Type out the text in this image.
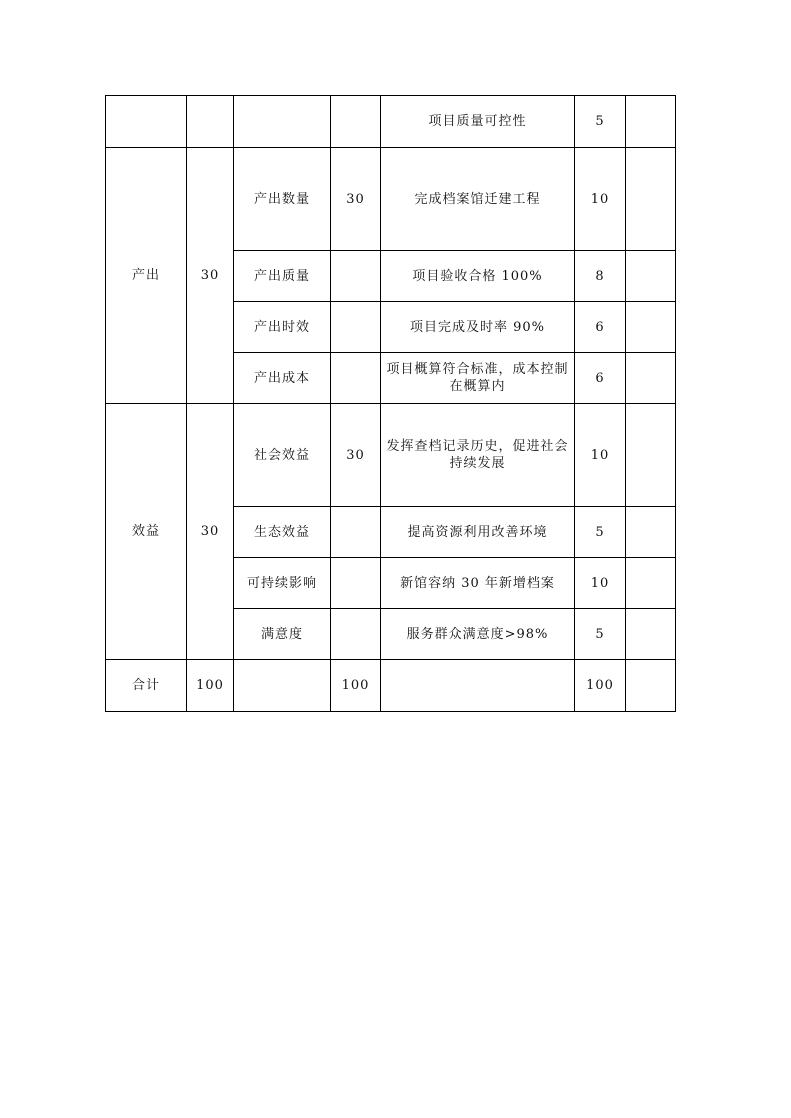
				项目质量可控性	5	
产出	30	产出数量	30	完成档案馆迁建工程	10	
		产出质量		项目验收合格 100%	8	
		产出时效		项目完成及时率 90%	6	
		产出成本		项目概算符合标准，成本控制在概算内	6	
效益	30	社会效益	30	发挥查档记录历史，促进社会持续发展	10	
		生态效益		提高资源利用改善环境	5	
		可持续影响		新馆容纳 30 年新增档案	10	
		满意度		服务群众满意度>98%	5	
合计	100		100		100	
